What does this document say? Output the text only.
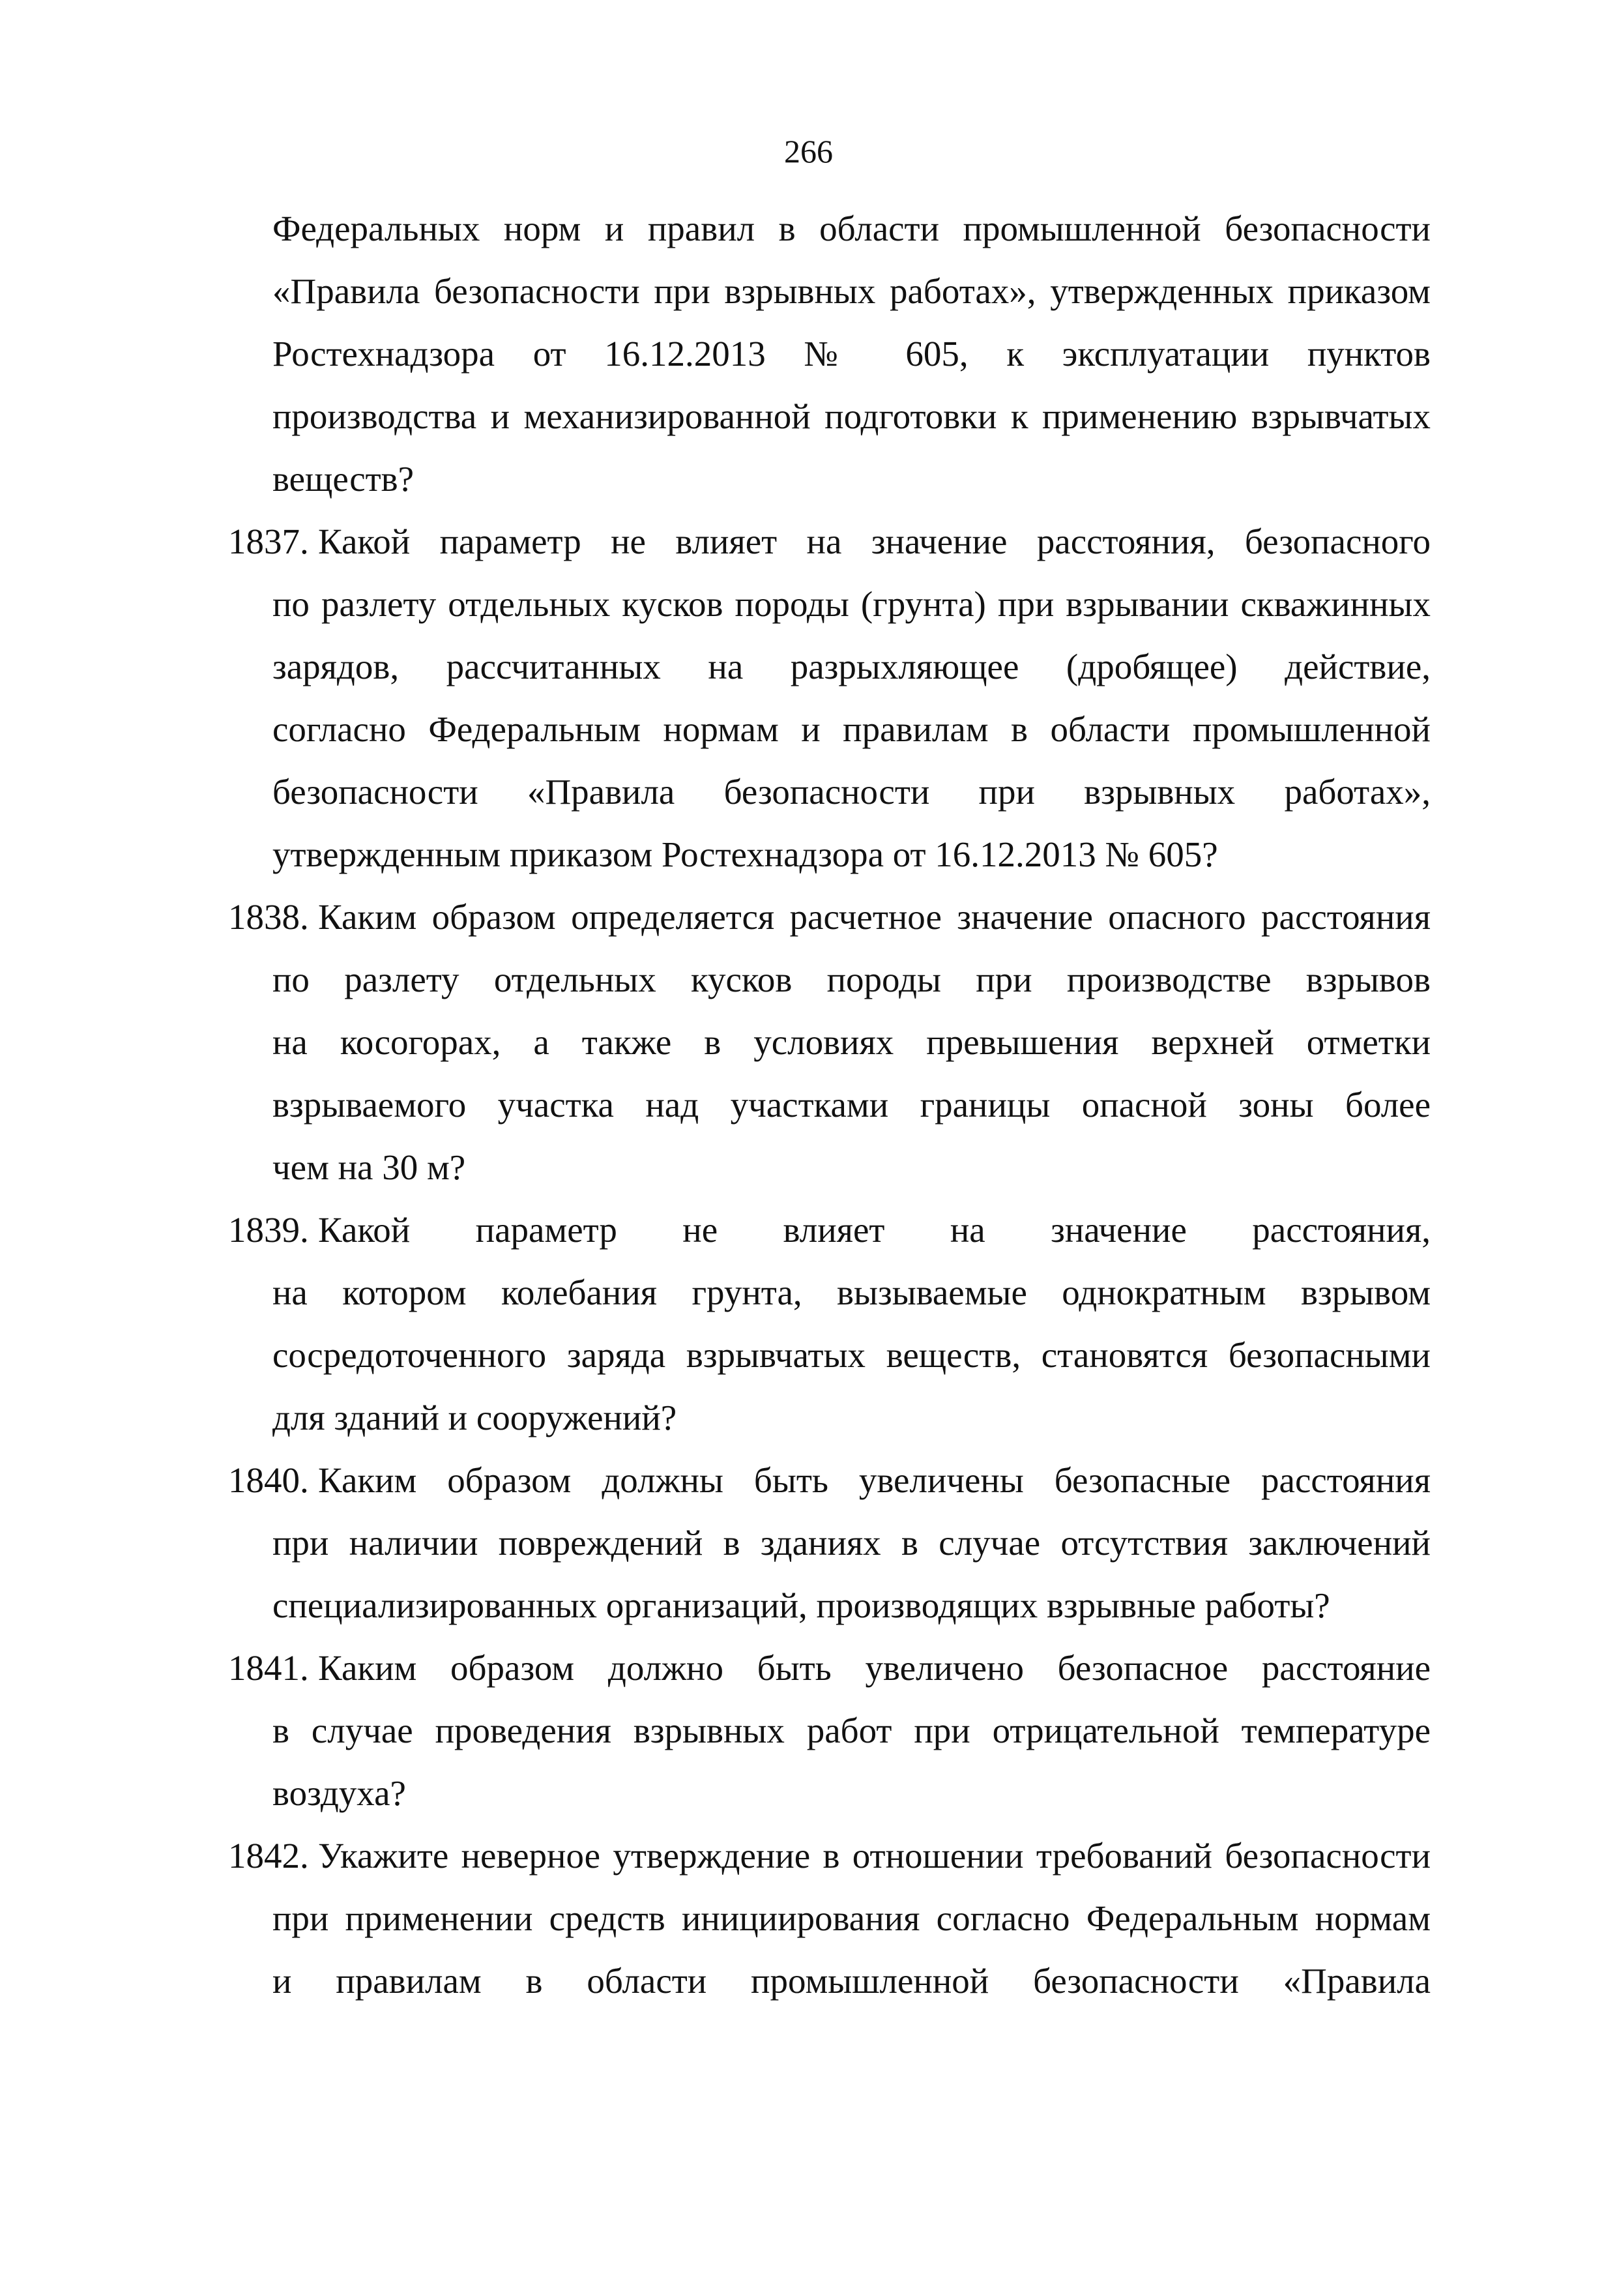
266
Федеральных норм и правил в области промышленной безопасности
«Правила безопасности при взрывных работах», утвержденных приказом
Ростехнадзора от 16.12.2013 № 605, к эксплуатации пунктов
производства и механизированной подготовки к применению взрывчатых
веществ?
1837. Какой параметр не влияет на значение расстояния, безопасного
по разлету отдельных кусков породы (грунта) при взрывании скважинных
зарядов, рассчитанных на разрыхляющее (дробящее) действие,
согласно Федеральным нормам и правилам в области промышленной
безопасности «Правила безопасности при взрывных работах»,
утвержденным приказом Ростехнадзора от 16.12.2013 № 605?
1838. Каким образом определяется расчетное значение опасного расстояния
по разлету отдельных кусков породы при производстве взрывов
на косогорах, а также в условиях превышения верхней отметки
взрываемого участка над участками границы опасной зоны более
чем на 30 м?
1839. Какой параметр не влияет на значение расстояния,
на котором колебания грунта, вызываемые однократным взрывом
сосредоточенного заряда взрывчатых веществ, становятся безопасными
для зданий и сооружений?
1840. Каким образом должны быть увеличены безопасные расстояния
при наличии повреждений в зданиях в случае отсутствия заключений
специализированных организаций, производящих взрывные работы?
1841. Каким образом должно быть увеличено безопасное расстояние
в случае проведения взрывных работ при отрицательной температуре
воздуха?
1842. Укажите неверное утверждение в отношении требований безопасности
при применении средств инициирования согласно Федеральным нормам
и правилам в области промышленной безопасности «Правила
